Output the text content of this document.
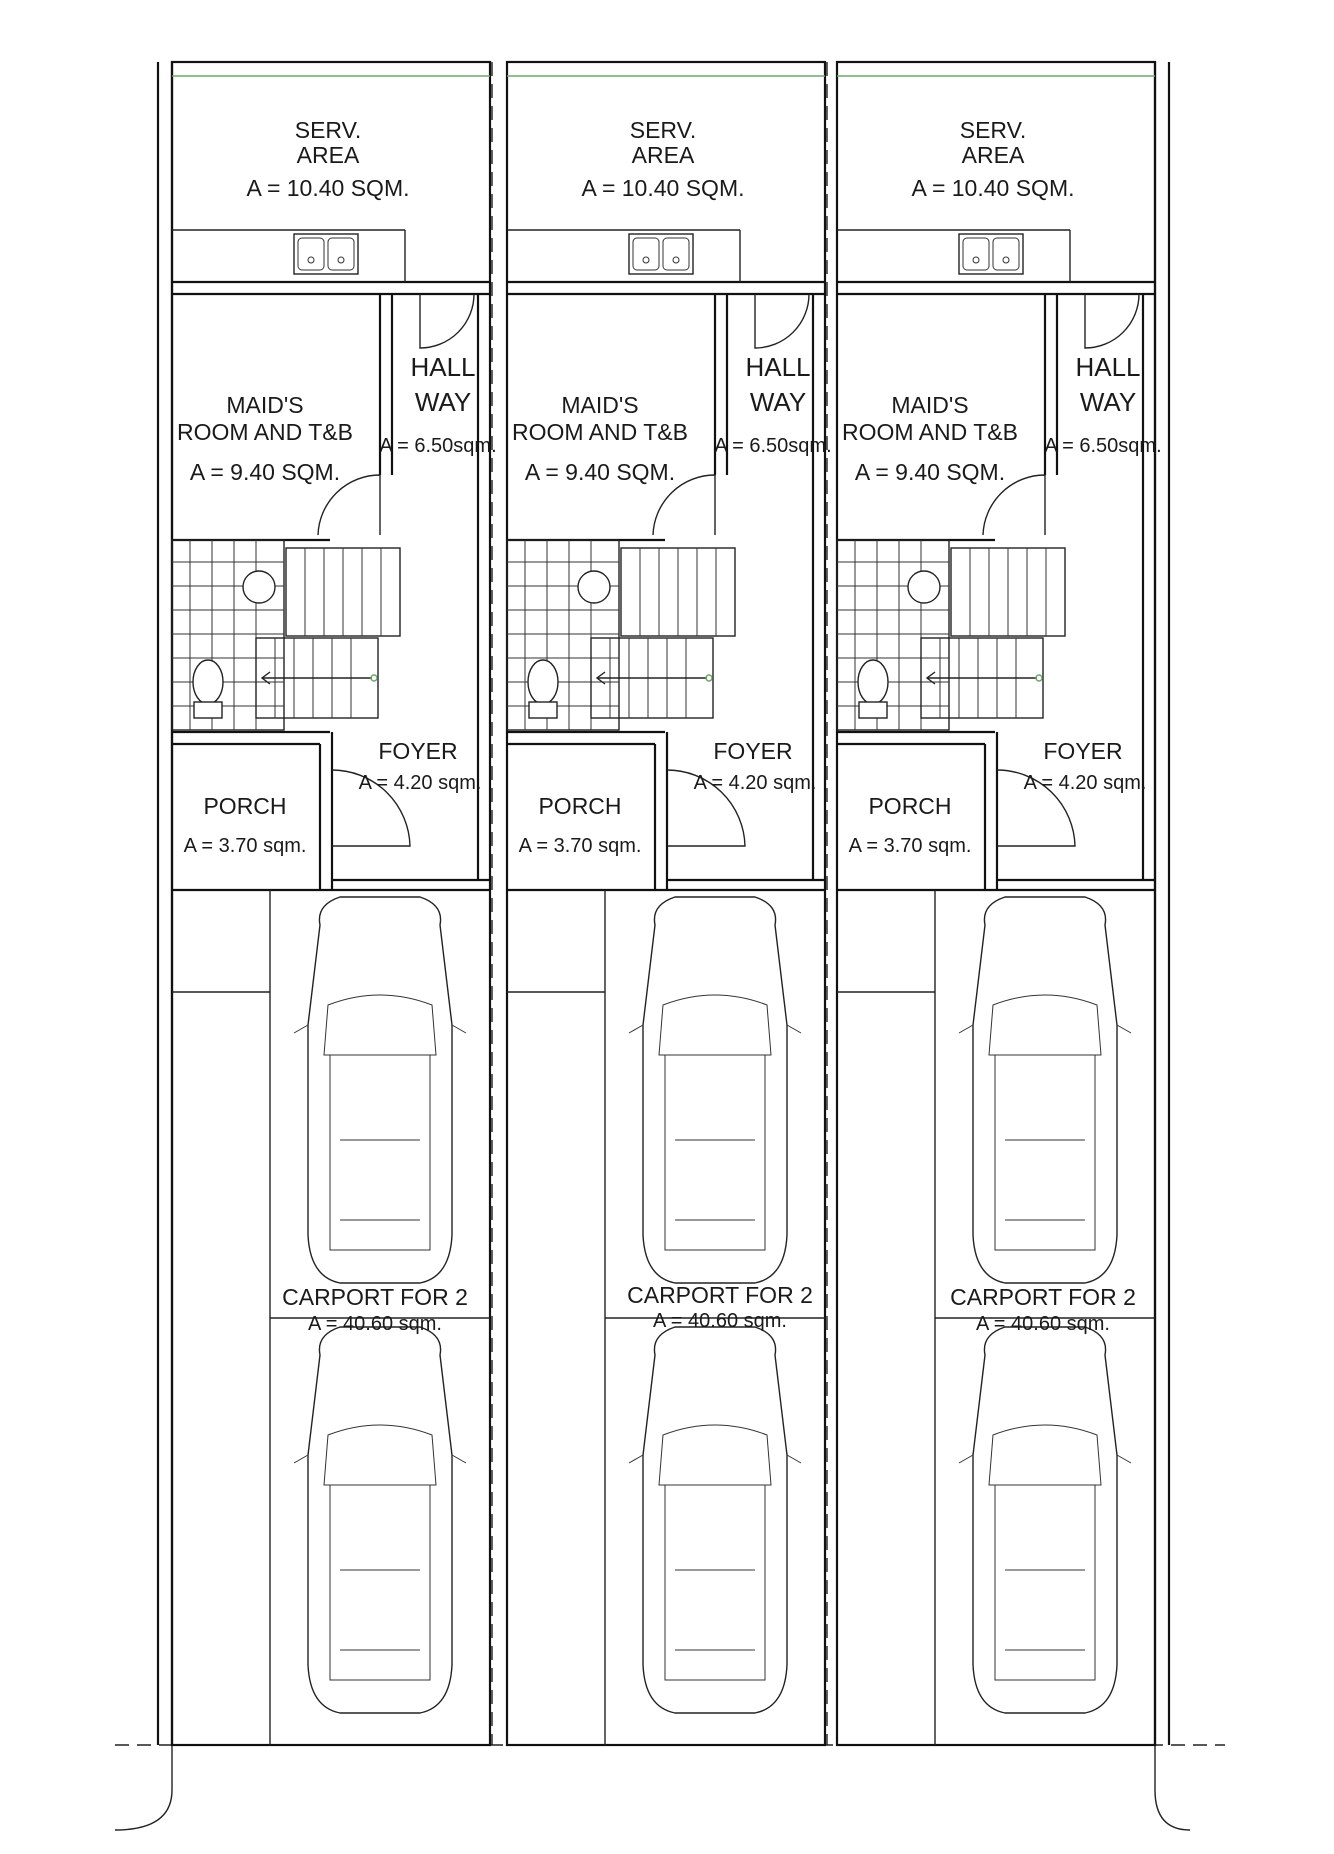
SERV.
AREA
A = 10.40 SQM.
HALL
WAY
A = 6.50sqm.
MAID'S
ROOM AND T&B
A = 9.40 SQM.
FOYER
A = 4.20 sqm.
PORCH
A = 3.70 sqm.
CARPORT FOR 2
A = 40.60 sqm.
SERV.
AREA
A = 10.40 SQM.
HALL
WAY
A = 6.50sqm.
MAID'S
ROOM AND T&B
A = 9.40 SQM.
FOYER
A = 4.20 sqm.
PORCH
A = 3.70 sqm.
CARPORT FOR 2
A = 40.60 sqm.
SERV.
AREA
A = 10.40 SQM.
HALL
WAY
A = 6.50sqm.
MAID'S
ROOM AND T&B
A = 9.40 SQM.
FOYER
A = 4.20 sqm.
PORCH
A = 3.70 sqm.
CARPORT FOR 2
A = 40.60 sqm.
